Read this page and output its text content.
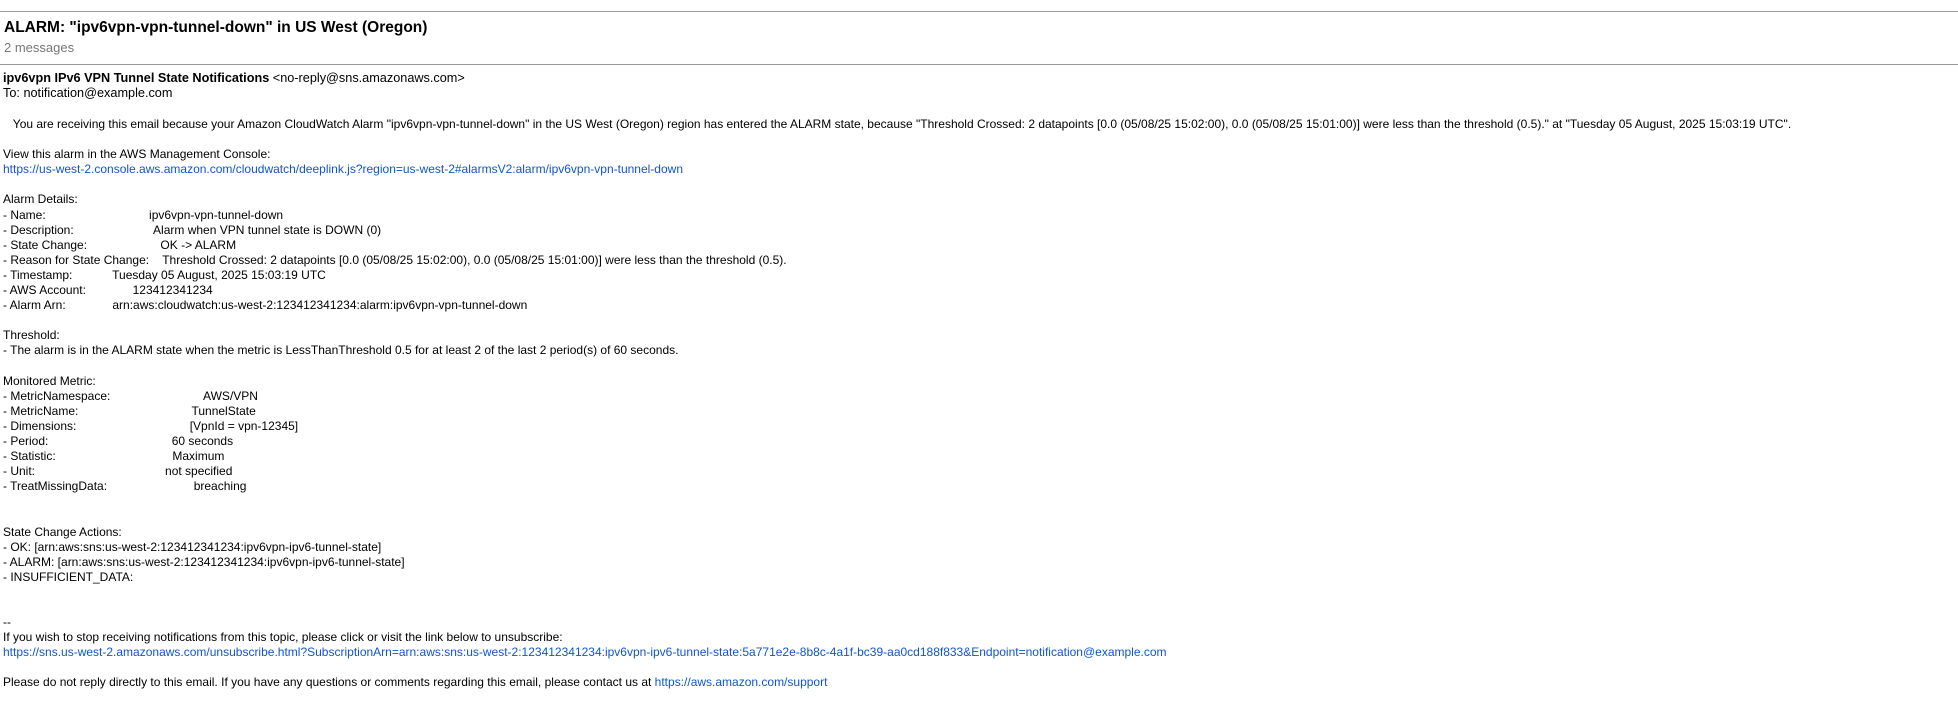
ALARM: "ipv6vpn-vpn-tunnel-down" in US West (Oregon)
2 messages
ipv6vpn IPv6 VPN Tunnel State Notifications <no-reply@sns.amazonaws.com>
To: notification@example.com
You are receiving this email because your Amazon CloudWatch Alarm "ipv6vpn-vpn-tunnel-down" in the US West (Oregon) region has entered the ALARM state, because "Threshold Crossed: 2 datapoints [0.0 (05/08/25 15:02:00), 0.0 (05/08/25 15:01:00)] were less than the threshold (0.5)." at "Tuesday 05 August, 2025 15:03:19 UTC".
View this alarm in the AWS Management Console:
https://us-west-2.console.aws.amazon.com/cloudwatch/deeplink.js?region=us-west-2#alarmsV2:alarm/ipv6vpn-vpn-tunnel-down
Alarm Details:
- Name:                               ipv6vpn-vpn-tunnel-down
- Description:                        Alarm when VPN tunnel state is DOWN (0)
- State Change:                      OK -> ALARM
- Reason for State Change:    Threshold Crossed: 2 datapoints [0.0 (05/08/25 15:02:00), 0.0 (05/08/25 15:01:00)] were less than the threshold (0.5).
- Timestamp:            Tuesday 05 August, 2025 15:03:19 UTC
- AWS Account:              123412341234
- Alarm Arn:              arn:aws:cloudwatch:us-west-2:123412341234:alarm:ipv6vpn-vpn-tunnel-down
Threshold:
- The alarm is in the ALARM state when the metric is LessThanThreshold 0.5 for at least 2 of the last 2 period(s) of 60 seconds.
Monitored Metric:
- MetricNamespace:                            AWS/VPN
- MetricName:                                  TunnelState
- Dimensions:                                  [VpnId = vpn-12345]
- Period:                                     60 seconds
- Statistic:                                   Maximum
- Unit:                                       not specified
- TreatMissingData:                          breaching
State Change Actions:
- OK: [arn:aws:sns:us-west-2:123412341234:ipv6vpn-ipv6-tunnel-state]
- ALARM: [arn:aws:sns:us-west-2:123412341234:ipv6vpn-ipv6-tunnel-state]
- INSUFFICIENT_DATA:
--
If you wish to stop receiving notifications from this topic, please click or visit the link below to unsubscribe:
https://sns.us-west-2.amazonaws.com/unsubscribe.html?SubscriptionArn=arn:aws:sns:us-west-2:123412341234:ipv6vpn-ipv6-tunnel-state:5a771e2e-8b8c-4a1f-bc39-aa0cd188f833&Endpoint=notification@example.com
Please do not reply directly to this email. If you have any questions or comments regarding this email, please contact us at https://aws.amazon.com/support
